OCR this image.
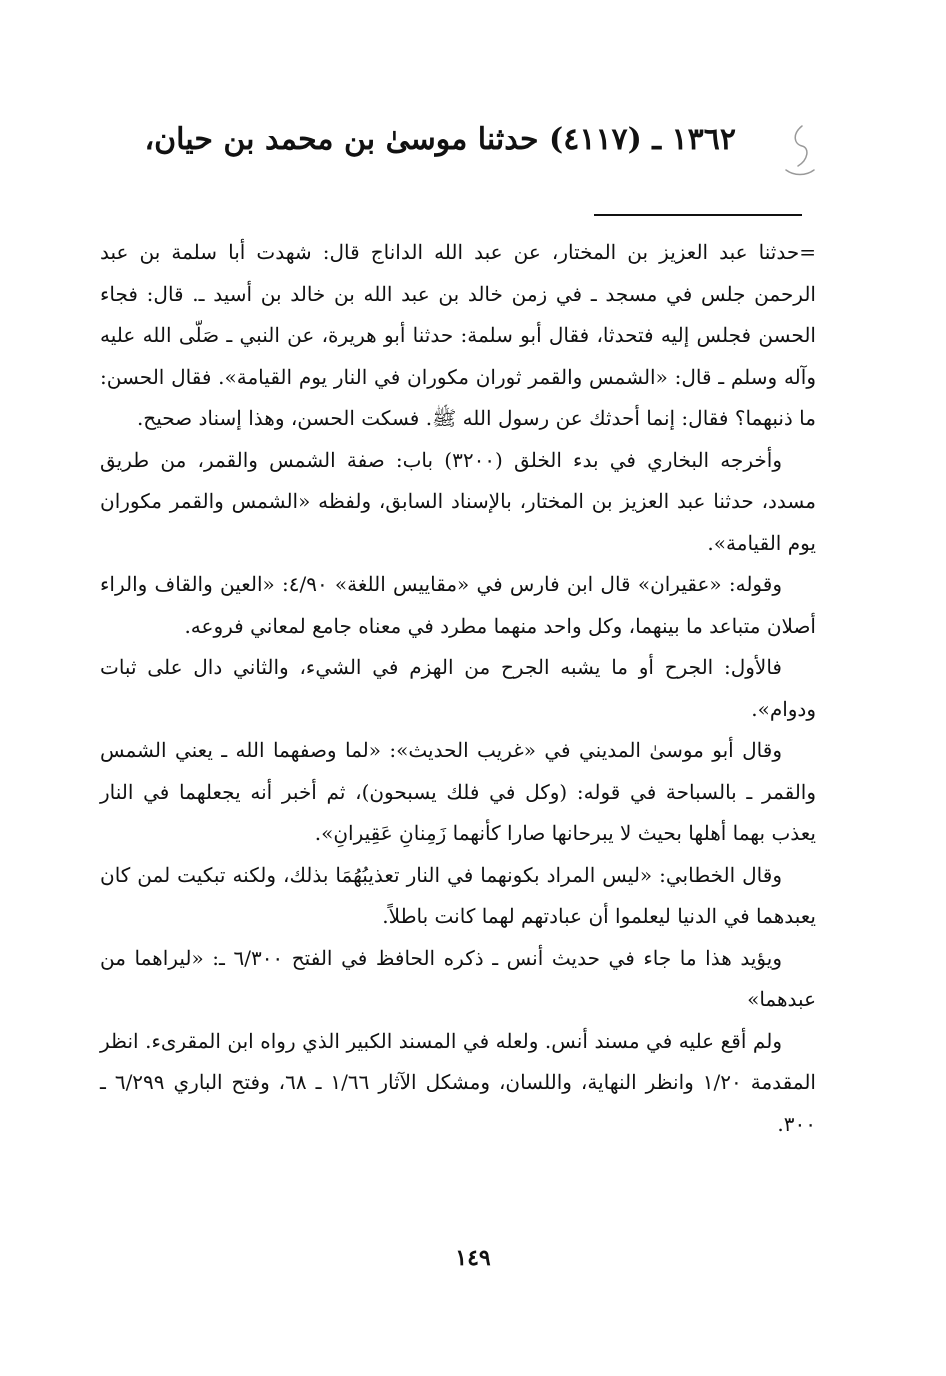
١٣٦٢ ـ (٤١١٧) حدثنا موسىٰ بن محمد بن حيان،

=حدثنا عبد العزيز بن المختار، عن عبد الله الداناج قال: شهدت أبا سلمة بن عبد الرحمن جلس في مسجد ـ في زمن خالد بن عبد الله بن خالد بن أسيد ـ. قال: فجاء الحسن فجلس إليه فتحدثا، فقال أبو سلمة: حدثنا أبو هريرة، عن النبي ـ صَلّى الله عليه وآله وسلم ـ قال: «الشمس والقمر ثوران مكوران في النار يوم القيامة». فقال الحسن: ما ذنبهما؟ فقال: إنما أحدثك عن رسول الله ﷺ. فسكت الحسن، وهذا إسناد صحيح.

وأخرجه البخاري في بدء الخلق (٣٢٠٠) باب: صفة الشمس والقمر، من طريق مسدد، حدثنا عبد العزيز بن المختار، بالإسناد السابق، ولفظه «الشمس والقمر مكوران يوم القيامة».

وقوله: «عقيران» قال ابن فارس في «مقاييس اللغة» ٤/٩٠: «العين والقاف والراء أصلان متباعد ما بينهما، وكل واحد منهما مطرد في معناه جامع لمعاني فروعه.

فالأول: الجرح أو ما يشبه الجرح من الهزم في الشيء، والثاني دال على ثبات ودوام».

وقال أبو موسىٰ المديني في «غريب الحديث»: «لما وصفهما الله ـ يعني الشمس والقمر ـ بالسباحة في قوله: (وكل في فلك يسبحون)، ثم أخبر أنه يجعلهما في النار يعذب بهما أهلها بحيث لا يبرحانها صارا كأنهما زَمِنانِ عَقِيرانِ».

وقال الخطابي: «ليس المراد بكونهما في النار تعذيبُهُمَا بذلك، ولكنه تبكيت لمن كان يعبدهما في الدنيا ليعلموا أن عبادتهم لهما كانت باطلاً.

ويؤيد هذا ما جاء في حديث أنس ـ ذكره الحافظ في الفتح ٦/٣٠٠ ـ: «ليراهما من عبدهما»

ولم أقع عليه في مسند أنس. ولعله في المسند الكبير الذي رواه ابن المقرىء. انظر المقدمة ١/٢٠ وانظر النهاية، واللسان، ومشكل الآثار ١/٦٦ ـ ٦٨، وفتح الباري ٦/٢٩٩ ـ ٣٠٠.

١٤٩
